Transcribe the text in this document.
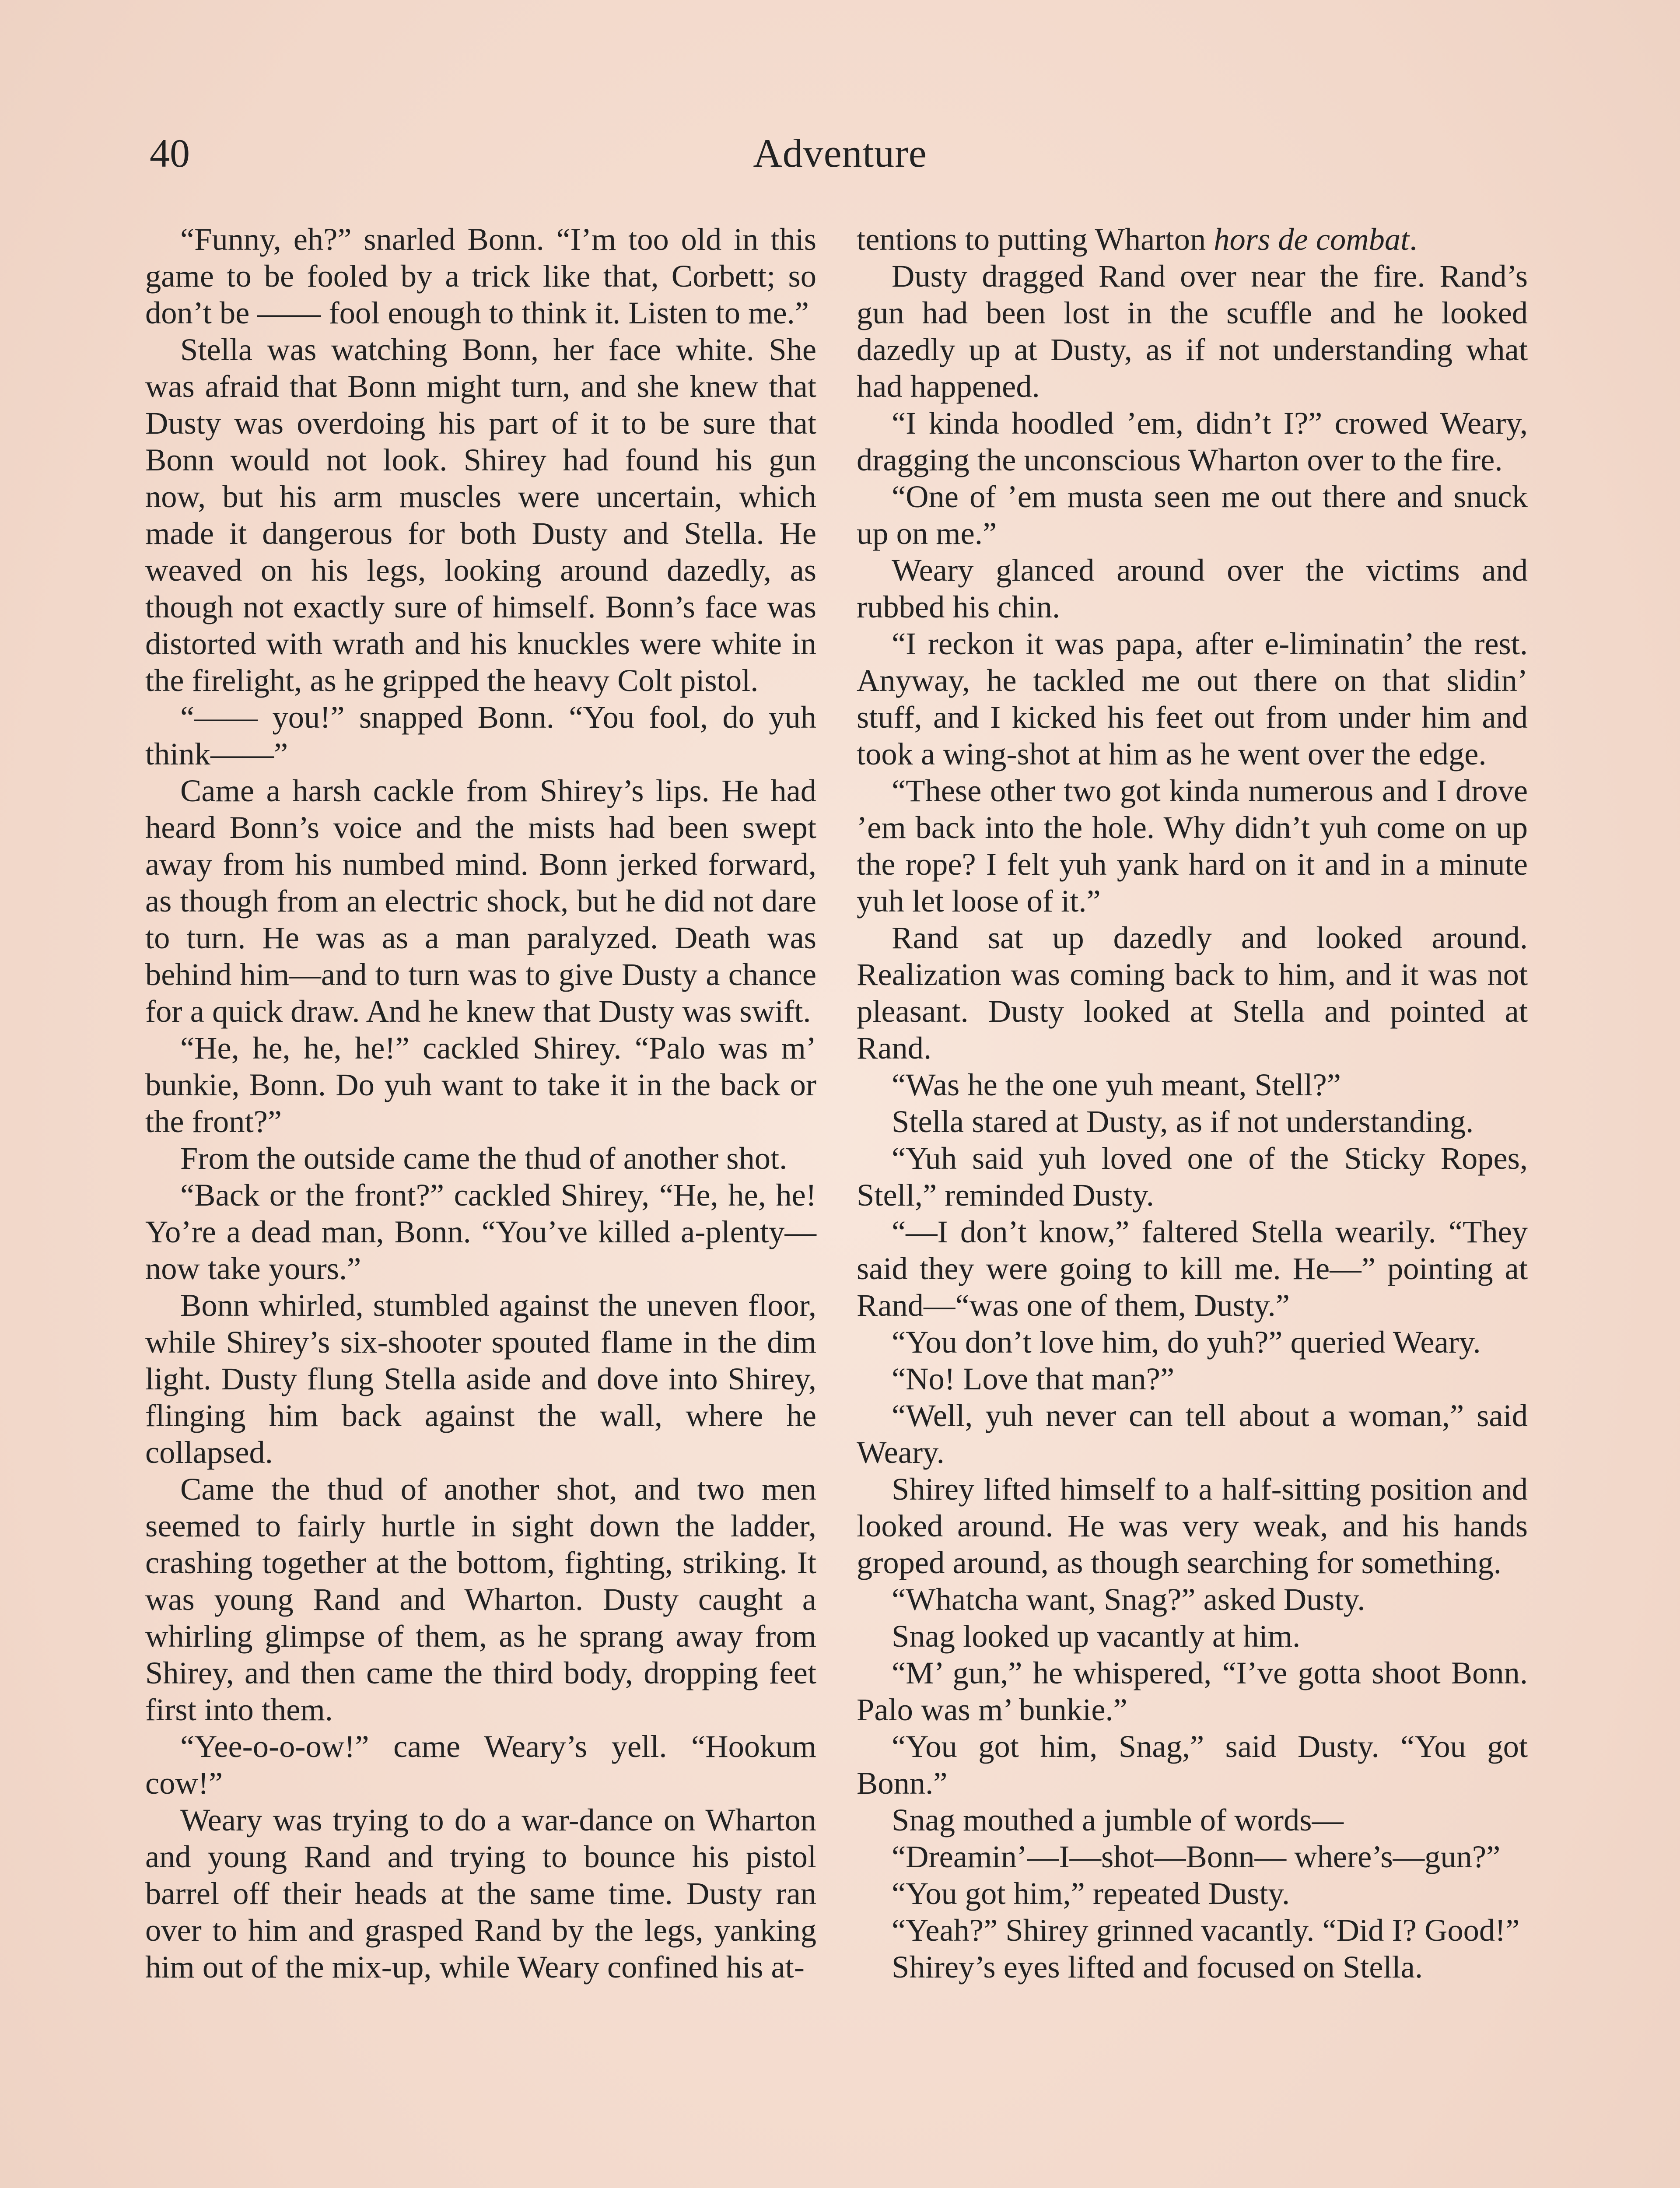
40	Adventure

“Funny, eh?” snarled Bonn. “I’m too old in this game to be fooled by a trick like that, Corbett; so don’t be —— fool enough to think it. Listen to me.”

Stella was watching Bonn, her face white. She was afraid that Bonn might turn, and she knew that Dusty was overdoing his part of it to be sure that Bonn would not look. Shirey had found his gun now, but his arm muscles were uncertain, which made it dangerous for both Dusty and Stella. He weaved on his legs, looking around dazedly, as though not exactly sure of himself. Bonn’s face was distorted with wrath and his knuckles were white in the firelight, as he gripped the heavy Colt pistol.

“—— you!” snapped Bonn. “You fool, do yuh think——”

Came a harsh cackle from Shirey’s lips. He had heard Bonn’s voice and the mists had been swept away from his numbed mind. Bonn jerked forward, as though from an electric shock, but he did not dare to turn. He was as a man paralyzed. Death was behind him—and to turn was to give Dusty a chance for a quick draw. And he knew that Dusty was swift.

“He, he, he, he!” cackled Shirey. “Palo was m’ bunkie, Bonn. Do yuh want to take it in the back or the front?”

From the outside came the thud of another shot.

“Back or the front?” cackled Shirey, “He, he, he! Yo’re a dead man, Bonn. “You’ve killed a-plenty—now take yours.”

Bonn whirled, stumbled against the uneven floor, while Shirey’s six-shooter spouted flame in the dim light. Dusty flung Stella aside and dove into Shirey, flinging him back against the wall, where he collapsed.

Came the thud of another shot, and two men seemed to fairly hurtle in sight down the ladder, crashing together at the bottom, fighting, striking. It was young Rand and Wharton. Dusty caught a whirling glimpse of them, as he sprang away from Shirey, and then came the third body, dropping feet first into them.

“Yee-o-o-ow!” came Weary’s yell. “Hookum cow!”

Weary was trying to do a war-dance on Wharton and young Rand and trying to bounce his pistol barrel off their heads at the same time. Dusty ran over to him and grasped Rand by the legs, yanking him out of the mix-up, while Weary confined his at-

tentions to putting Wharton hors de combat.

Dusty dragged Rand over near the fire. Rand’s gun had been lost in the scuffle and he looked dazedly up at Dusty, as if not understanding what had happened.

“I kinda hoodled ’em, didn’t I?” crowed Weary, dragging the unconscious Wharton over to the fire.

“One of ’em musta seen me out there and snuck up on me.”

Weary glanced around over the victims and rubbed his chin.

“I reckon it was papa, after e-liminatin’ the rest. Anyway, he tackled me out there on that slidin’ stuff, and I kicked his feet out from under him and took a wing-shot at him as he went over the edge.

“These other two got kinda numerous and I drove ’em back into the hole. Why didn’t yuh come on up the rope? I felt yuh yank hard on it and in a minute yuh let loose of it.”

Rand sat up dazedly and looked around. Realization was coming back to him, and it was not pleasant. Dusty looked at Stella and pointed at Rand.

“Was he the one yuh meant, Stell?”

Stella stared at Dusty, as if not understanding.

“Yuh said yuh loved one of the Sticky Ropes, Stell,” reminded Dusty.

“—I don’t know,” faltered Stella wearily. “They said they were going to kill me. He—” pointing at Rand—“was one of them, Dusty.”

“You don’t love him, do yuh?” queried Weary.

“No! Love that man?”

“Well, yuh never can tell about a woman,” said Weary.

Shirey lifted himself to a half-sitting position and looked around. He was very weak, and his hands groped around, as though searching for something.

“Whatcha want, Snag?” asked Dusty.

Snag looked up vacantly at him.

“M’ gun,” he whispered, “I’ve gotta shoot Bonn. Palo was m’ bunkie.”

“You got him, Snag,” said Dusty. “You got Bonn.”

Snag mouthed a jumble of words—

“Dreamin’—I—shot—Bonn— where’s—gun?”

“You got him,” repeated Dusty.

“Yeah?” Shirey grinned vacantly. “Did I? Good!”

Shirey’s eyes lifted and focused on Stella.
